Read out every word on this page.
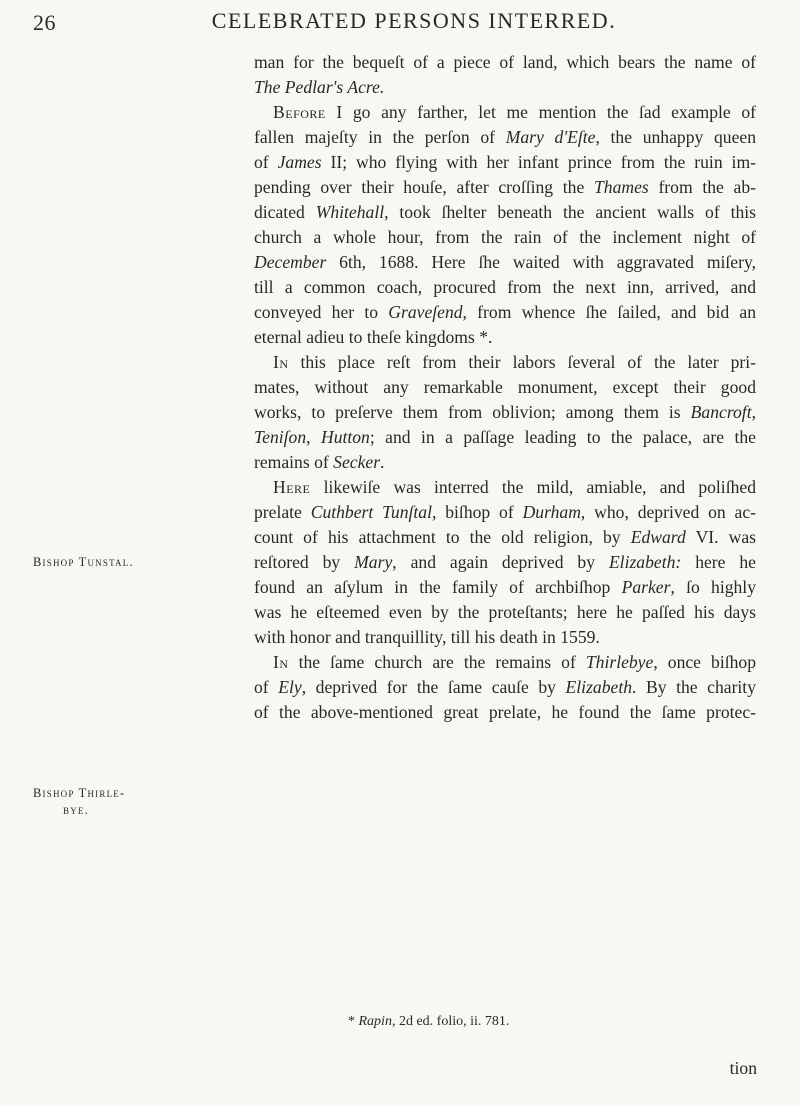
26	CELEBRATED PERSONS INTERRED.
Bishop Tunstal.
Bishop Thirle-
bye.
man for the bequeſt of a piece of land, which bears the name of
The Pedlar's Acre.
Before I go any farther, let me mention the ſad example of
fallen majeſty in the perſon of Mary d'Eſte, the unhappy queen
of James II; who flying with her infant prince from the ruin im-
pending over their houſe, after croſſing the Thames from the ab-
dicated Whitehall, took ſhelter beneath the ancient walls of this
church a whole hour, from the rain of the inclement night of
December 6th, 1688. Here ſhe waited with aggravated miſery,
till a common coach, procured from the next inn, arrived, and
conveyed her to Graveſend, from whence ſhe ſailed, and bid an
eternal adieu to theſe kingdoms *.
In this place reſt from their labors ſeveral of the later pri-
mates, without any remarkable monument, except their good
works, to preſerve them from oblivion; among them is Bancroft,
Teniſon, Hutton; and in a paſſage leading to the palace, are the
remains of Secker.
Here likewiſe was interred the mild, amiable, and poliſhed
prelate Cuthbert Tunſtal, biſhop of Durham, who, deprived on ac-
count of his attachment to the old religion, by Edward VI. was
reſtored by Mary, and again deprived by Elizabeth: here he
found an aſylum in the family of archbiſhop Parker, ſo highly
was he eſteemed even by the proteſtants; here he paſſed his days
with honor and tranquillity, till his death in 1559.
In the ſame church are the remains of Thirlebye, once biſhop
of Ely, deprived for the ſame cauſe by Elizabeth. By the charity
of the above-mentioned great prelate, he found the ſame protec-
* Rapin, 2d ed. folio, ii. 781.
tion
